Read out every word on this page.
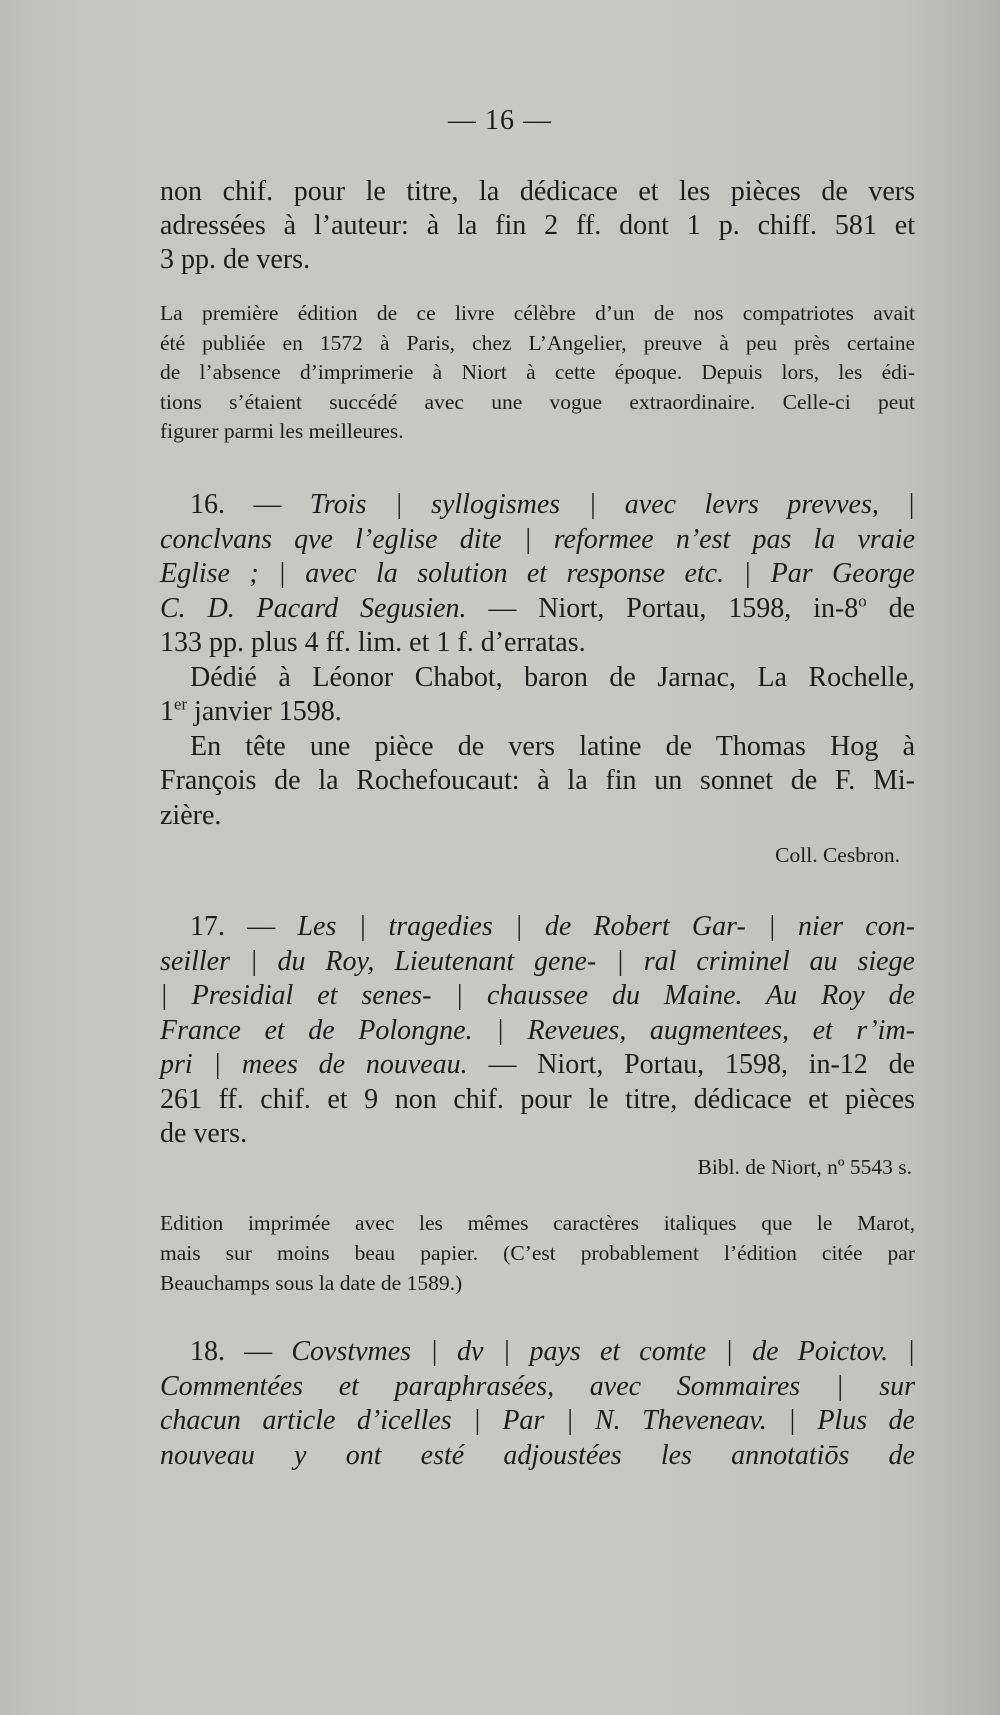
— 16 —
non chif. pour le titre, la dédicace et les pièces de vers
adressées à l’auteur: à la fin 2 ff. dont 1 p. chiff. 581 et
3 pp. de vers.
La première édition de ce livre célèbre d’un de nos compatriotes avait
été publiée en 1572 à Paris, chez L’Angelier, preuve à peu près certaine
de l’absence d’imprimerie à Niort à cette époque. Depuis lors, les édi-
tions s’étaient succédé avec une vogue extraordinaire. Celle-ci peut
figurer parmi les meilleures.
16. — Trois | syllogismes | avec levrs prevves, |
conclvans qve l’eglise dite | reformee n’est pas la vraie
Eglise ; | avec la solution et response etc. | Par George
C. D. Pacard Segusien. — Niort, Portau, 1598, in-8$^o$ de
133 pp. plus 4 ff. lim. et 1 f. d’erratas.
Dédié à Léonor Chabot, baron de Jarnac, La Rochelle,
1er janvier 1598.
En tête une pièce de vers latine de Thomas Hog à
François de la Rochefoucaut: à la fin un sonnet de F. Mi-
zière.
Coll. Cesbron.
17. — Les | tragedies | de Robert Gar- | nier con-
seiller | du Roy, Lieutenant gene- | ral criminel au siege
| Presidial et senes- | chaussee du Maine. Au Roy de
France et de Polongne. | Reveues, augmentees, et r’im-
pri | mees de nouveau. — Niort, Portau, 1598, in-12 de
261 ff. chif. et 9 non chif. pour le titre, dédicace et pièces
de vers.
Bibl. de Niort, nº 5543 s.
Edition imprimée avec les mêmes caractères italiques que le Marot,
mais sur moins beau papier. (C’est probablement l’édition citée par
Beauchamps sous la date de 1589.)
18. — Covstvmes | dv | pays et comte | de Poictov. |
Commentées et paraphrasées, avec Sommaires | sur
chacun article d’icelles | Par | N. Theveneav. | Plus de
nouveau y ont esté adjoustées les annotatiōs de
